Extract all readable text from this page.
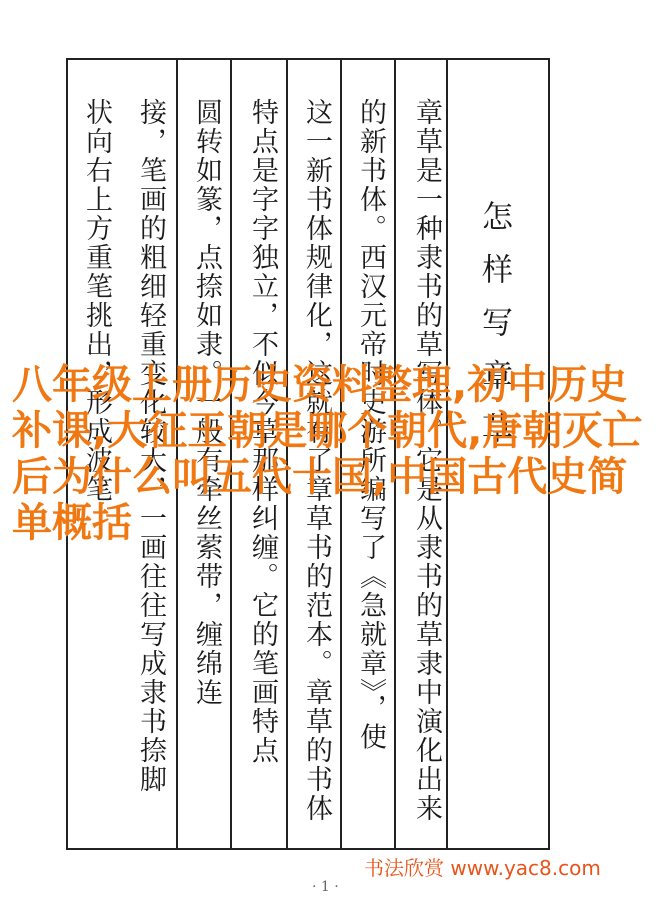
怎样写章草
章草是一种隶书的草写体。它是从隶书的草隶中演化出来
的新书体。西汉元帝时史游所编写了《急就章》，使
这一新书体规律化，这就有了章草书的范本。章草的书体
特点是字字独立，不似今草那样纠缠。它的笔画特点
圆转如篆，点捺如隶。一般有牵丝萦带，缠绵连
接，笔画的粗细轻重变化较大，一画往往写成隶书捺脚
状向右上方重笔挑出，形成波笔
· 1 ·
八年级上册历史资料整理,初中历史补课,大征王朝是哪个朝代,唐朝灭亡后为什么叫五代十国,中国古代史简单概括
书法欣赏 www.yac8.com
